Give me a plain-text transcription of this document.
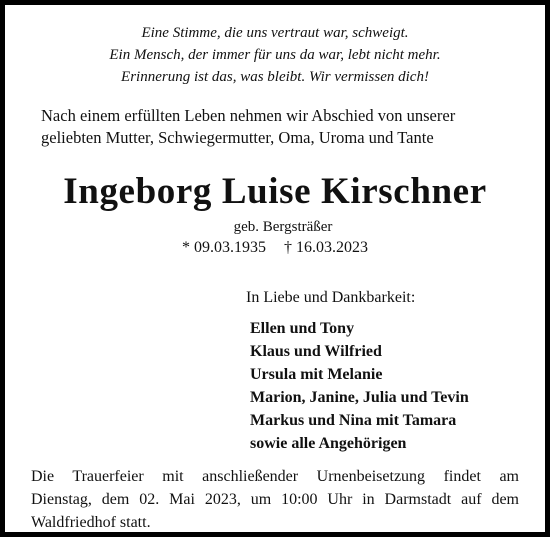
Eine Stimme, die uns vertraut war, schweigt.
Ein Mensch, der immer für uns da war, lebt nicht mehr.
Erinnerung ist das, was bleibt. Wir vermissen dich!
Nach einem erfüllten Leben nehmen wir Abschied von unserer
geliebten Mutter, Schwiegermutter, Oma, Uroma und Tante
Ingeborg Luise Kirschner
geb. Bergsträßer
* 09.03.1935 † 16.03.2023
In Liebe und Dankbarkeit:
Ellen und Tony
Klaus und Wilfried
Ursula mit Melanie
Marion, Janine, Julia und Tevin
Markus und Nina mit Tamara
sowie alle Angehörigen
Die Trauerfeier mit anschließender Urnenbeisetzung findet am
Dienstag, dem 02. Mai 2023, um 10:00 Uhr in Darmstadt auf dem
Waldfriedhof statt.
